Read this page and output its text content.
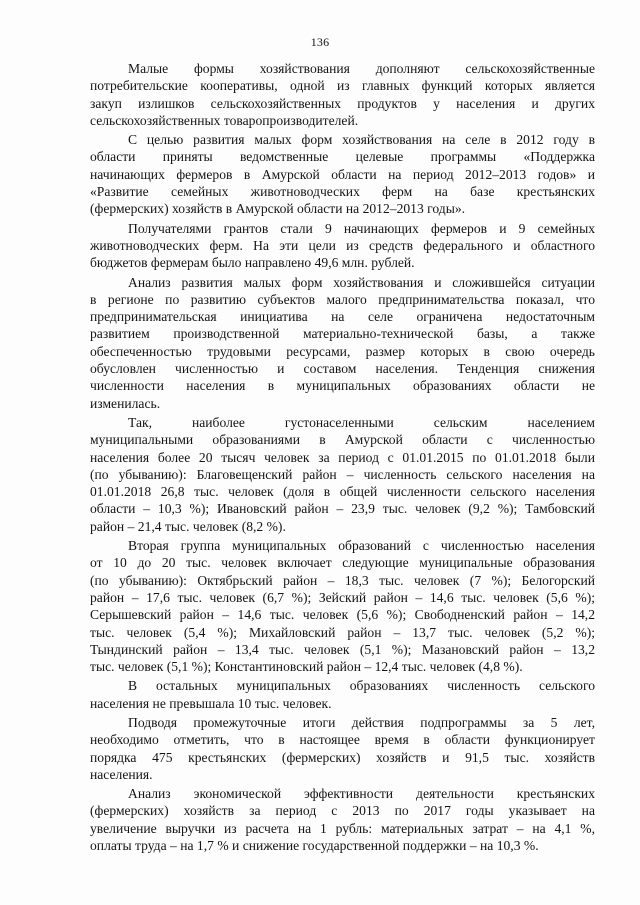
136

Малые формы хозяйствования дополняют сельскохозяйственные
потребительские кооперативы, одной из главных функций которых является
закуп излишков сельскохозяйственных продуктов у населения и других
сельскохозяйственных товаропроизводителей.

С целью развития малых форм хозяйствования на селе в 2012 году в
области приняты ведомственные целевые программы «Поддержка
начинающих фермеров в Амурской области на период 2012–2013 годов» и
«Развитие семейных животноводческих ферм на базе крестьянских
(фермерских) хозяйств в Амурской области на 2012–2013 годы».

Получателями грантов стали 9 начинающих фермеров и 9 семейных
животноводческих ферм. На эти цели из средств федерального и областного
бюджетов фермерам было направлено 49,6 млн. рублей.

Анализ развития малых форм хозяйствования и сложившейся ситуации
в регионе по развитию субъектов малого предпринимательства показал, что
предпринимательская инициатива на селе ограничена недостаточным
развитием производственной материально-технической базы, а также
обеспеченностью трудовыми ресурсами, размер которых в свою очередь
обусловлен численностью и составом населения. Тенденция снижения
численности населения в муниципальных образованиях области не
изменилась.

Так, наиболее густонаселенными сельским населением
муниципальными образованиями в Амурской области с численностью
населения более 20 тысяч человек за период с 01.01.2015 по 01.01.2018 были
(по убыванию): Благовещенский район – численность сельского населения на
01.01.2018 26,8 тыс. человек (доля в общей численности сельского населения
области – 10,3 %); Ивановский район – 23,9 тыс. человек (9,2 %); Тамбовский
район – 21,4 тыс. человек (8,2 %).

Вторая группа муниципальных образований с численностью населения
от 10 до 20 тыс. человек включает следующие муниципальные образования
(по убыванию): Октябрьский район – 18,3 тыс. человек (7 %); Белогорский
район – 17,6 тыс. человек (6,7 %); Зейский район – 14,6 тыс. человек (5,6 %);
Серышевский район – 14,6 тыс. человек (5,6 %); Свободненский район – 14,2
тыс. человек (5,4 %); Михайловский район – 13,7 тыс. человек (5,2 %);
Тындинский район – 13,4 тыс. человек (5,1 %); Мазановский район – 13,2
тыс. человек (5,1 %); Константиновский район – 12,4 тыс. человек (4,8 %).

В остальных муниципальных образованиях численность сельского
населения не превышала 10 тыс. человек.

Подводя промежуточные итоги действия подпрограммы за 5 лет,
необходимо отметить, что в настоящее время в области функционирует
порядка 475 крестьянских (фермерских) хозяйств и 91,5 тыс. хозяйств
населения.

Анализ экономической эффективности деятельности крестьянских
(фермерских) хозяйств за период с 2013 по 2017 годы указывает на
увеличение выручки из расчета на 1 рубль: материальных затрат – на 4,1 %,
оплаты труда – на 1,7 % и снижение государственной поддержки – на 10,3 %.
